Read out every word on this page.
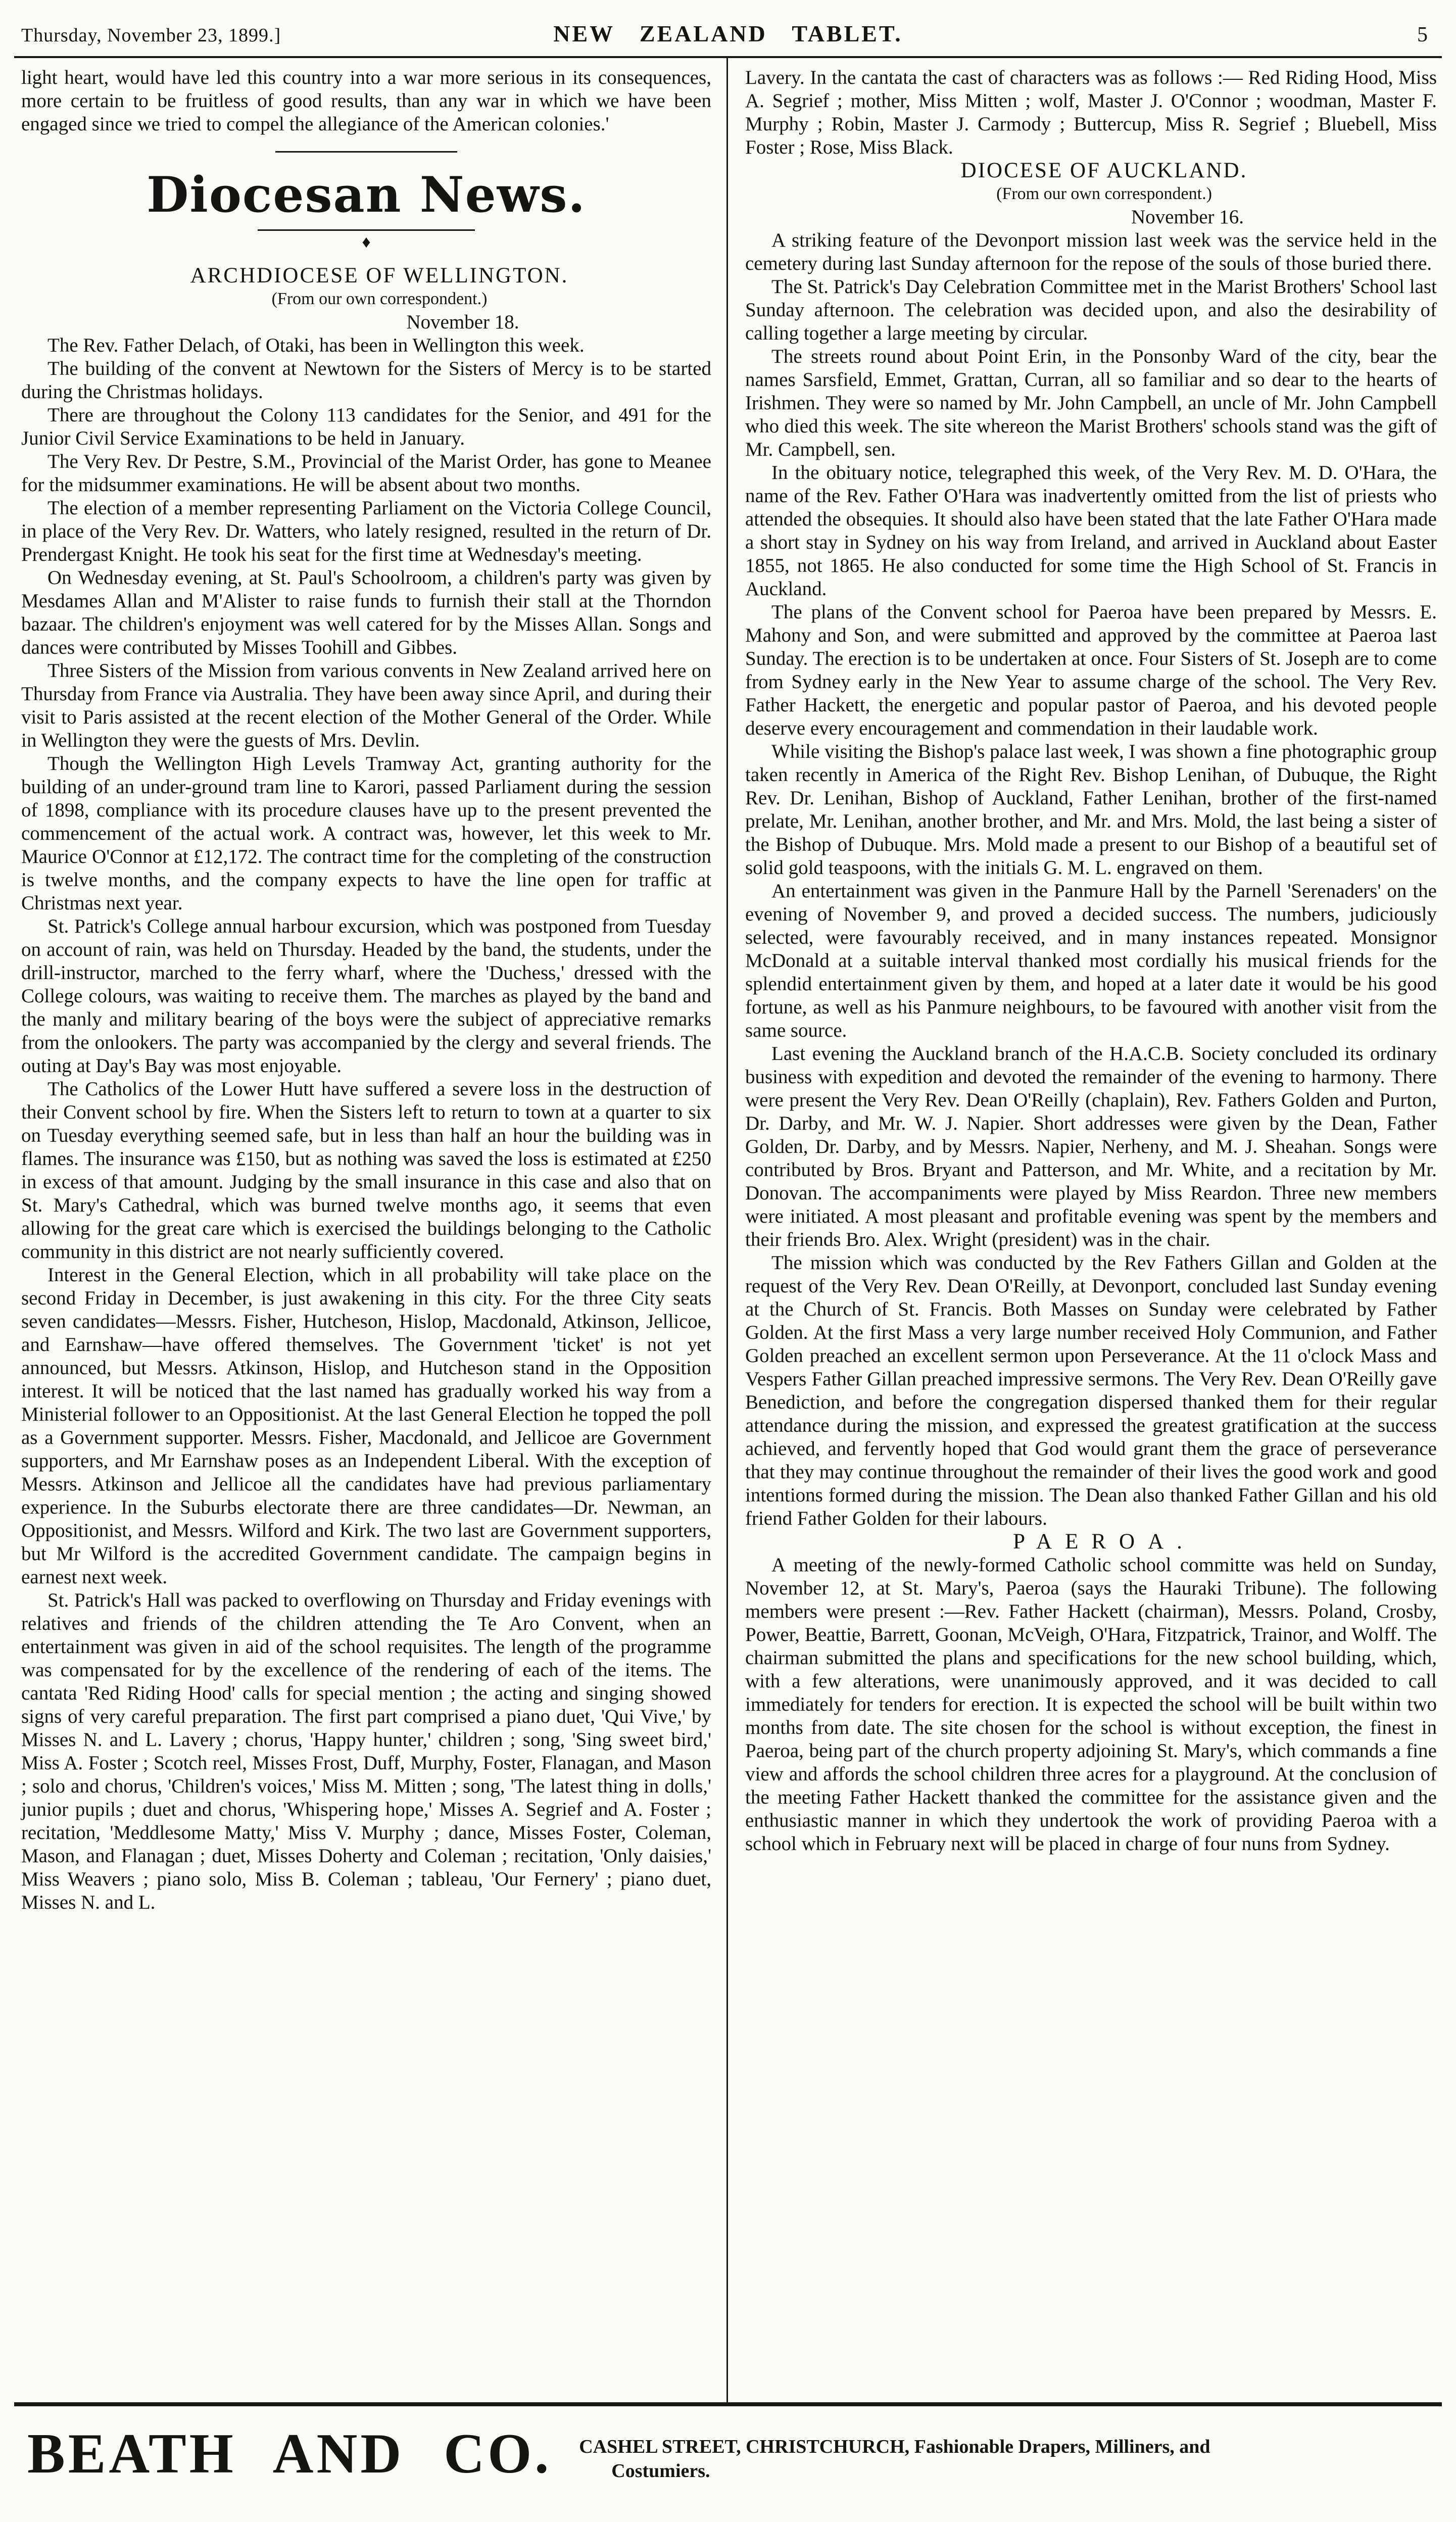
Thursday, November 23, 1899.]	NEW ZEALAND TABLET.	5

light heart, would have led this country into a war more serious in its consequences, more certain to be fruitless of good results, than any war in which we have been engaged since we tried to compel the allegiance of the American colonies.'

Diocesan News.
♦

ARCHDIOCESE OF WELLINGTON.

(From our own correspondent.)

November 18.

The Rev. Father Delach, of Otaki, has been in Wellington this week.

The building of the convent at Newtown for the Sisters of Mercy is to be started during the Christmas holidays.

There are throughout the Colony 113 candidates for the Senior, and 491 for the Junior Civil Service Examinations to be held in January.

The Very Rev. Dr Pestre, S.M., Provincial of the Marist Order, has gone to Meanee for the midsummer examinations. He will be absent about two months.

The election of a member representing Parliament on the Victoria College Council, in place of the Very Rev. Dr. Watters, who lately resigned, resulted in the return of Dr. Prendergast Knight. He took his seat for the first time at Wednesday's meeting.

On Wednesday evening, at St. Paul's Schoolroom, a children's party was given by Mesdames Allan and M'Alister to raise funds to furnish their stall at the Thorndon bazaar. The children's enjoyment was well catered for by the Misses Allan. Songs and dances were contributed by Misses Toohill and Gibbes.

Three Sisters of the Mission from various convents in New Zealand arrived here on Thursday from France via Australia. They have been away since April, and during their visit to Paris assisted at the recent election of the Mother General of the Order. While in Wellington they were the guests of Mrs. Devlin.

Though the Wellington High Levels Tramway Act, granting authority for the building of an under-ground tram line to Karori, passed Parliament during the session of 1898, compliance with its procedure clauses have up to the present prevented the commencement of the actual work. A contract was, however, let this week to Mr. Maurice O'Connor at £12,172. The contract time for the completing of the construction is twelve months, and the company expects to have the line open for traffic at Christmas next year.

St. Patrick's College annual harbour excursion, which was postponed from Tuesday on account of rain, was held on Thursday. Headed by the band, the students, under the drill-instructor, marched to the ferry wharf, where the 'Duchess,' dressed with the College colours, was waiting to receive them. The marches as played by the band and the manly and military bearing of the boys were the subject of appreciative remarks from the onlookers. The party was accompanied by the clergy and several friends. The outing at Day's Bay was most enjoyable.

The Catholics of the Lower Hutt have suffered a severe loss in the destruction of their Convent school by fire. When the Sisters left to return to town at a quarter to six on Tuesday everything seemed safe, but in less than half an hour the building was in flames. The insurance was £150, but as nothing was saved the loss is estimated at £250 in excess of that amount. Judging by the small insurance in this case and also that on St. Mary's Cathedral, which was burned twelve months ago, it seems that even allowing for the great care which is exercised the buildings belonging to the Catholic community in this district are not nearly sufficiently covered.

Interest in the General Election, which in all probability will take place on the second Friday in December, is just awakening in this city. For the three City seats seven candidates—Messrs. Fisher, Hutcheson, Hislop, Macdonald, Atkinson, Jellicoe, and Earnshaw—have offered themselves. The Government 'ticket' is not yet announced, but Messrs. Atkinson, Hislop, and Hutcheson stand in the Opposition interest. It will be noticed that the last named has gradually worked his way from a Ministerial follower to an Oppositionist. At the last General Election he topped the poll as a Government supporter. Messrs. Fisher, Macdonald, and Jellicoe are Government supporters, and Mr Earnshaw poses as an Independent Liberal. With the exception of Messrs. Atkinson and Jellicoe all the candidates have had previous parliamentary experience. In the Suburbs electorate there are three candidates—Dr. Newman, an Oppositionist, and Messrs. Wilford and Kirk. The two last are Government supporters, but Mr Wilford is the accredited Government candidate. The campaign begins in earnest next week.

St. Patrick's Hall was packed to overflowing on Thursday and Friday evenings with relatives and friends of the children attending the Te Aro Convent, when an entertainment was given in aid of the school requisites. The length of the programme was compensated for by the excellence of the rendering of each of the items. The cantata 'Red Riding Hood' calls for special mention ; the acting and singing showed signs of very careful preparation. The first part comprised a piano duet, 'Qui Vive,' by Misses N. and L. Lavery ; chorus, 'Happy hunter,' children ; song, 'Sing sweet bird,' Miss A. Foster ; Scotch reel, Misses Frost, Duff, Murphy, Foster, Flanagan, and Mason ; solo and chorus, 'Children's voices,' Miss M. Mitten ; song, 'The latest thing in dolls,' junior pupils ; duet and chorus, 'Whispering hope,' Misses A. Segrief and A. Foster ; recitation, 'Meddlesome Matty,' Miss V. Murphy ; dance, Misses Foster, Coleman, Mason, and Flanagan ; duet, Misses Doherty and Coleman ; recitation, 'Only daisies,' Miss Weavers ; piano solo, Miss B. Coleman ; tableau, 'Our Fernery' ; piano duet, Misses N. and L.

Lavery. In the cantata the cast of characters was as follows :— Red Riding Hood, Miss A. Segrief ; mother, Miss Mitten ; wolf, Master J. O'Connor ; woodman, Master F. Murphy ; Robin, Master J. Carmody ; Buttercup, Miss R. Segrief ; Bluebell, Miss Foster ; Rose, Miss Black.

DIOCESE OF AUCKLAND.

(From our own correspondent.)

November 16.

A striking feature of the Devonport mission last week was the service held in the cemetery during last Sunday afternoon for the repose of the souls of those buried there.

The St. Patrick's Day Celebration Committee met in the Marist Brothers' School last Sunday afternoon. The celebration was decided upon, and also the desirability of calling together a large meeting by circular.

The streets round about Point Erin, in the Ponsonby Ward of the city, bear the names Sarsfield, Emmet, Grattan, Curran, all so familiar and so dear to the hearts of Irishmen. They were so named by Mr. John Campbell, an uncle of Mr. John Campbell who died this week. The site whereon the Marist Brothers' schools stand was the gift of Mr. Campbell, sen.

In the obituary notice, telegraphed this week, of the Very Rev. M. D. O'Hara, the name of the Rev. Father O'Hara was inadvertently omitted from the list of priests who attended the obsequies. It should also have been stated that the late Father O'Hara made a short stay in Sydney on his way from Ireland, and arrived in Auckland about Easter 1855, not 1865. He also conducted for some time the High School of St. Francis in Auckland.

The plans of the Convent school for Paeroa have been prepared by Messrs. E. Mahony and Son, and were submitted and approved by the committee at Paeroa last Sunday. The erection is to be undertaken at once. Four Sisters of St. Joseph are to come from Sydney early in the New Year to assume charge of the school. The Very Rev. Father Hackett, the energetic and popular pastor of Paeroa, and his devoted people deserve every encouragement and commendation in their laudable work.

While visiting the Bishop's palace last week, I was shown a fine photographic group taken recently in America of the Right Rev. Bishop Lenihan, of Dubuque, the Right Rev. Dr. Lenihan, Bishop of Auckland, Father Lenihan, brother of the first-named prelate, Mr. Lenihan, another brother, and Mr. and Mrs. Mold, the last being a sister of the Bishop of Dubuque. Mrs. Mold made a present to our Bishop of a beautiful set of solid gold teaspoons, with the initials G. M. L. engraved on them.

An entertainment was given in the Panmure Hall by the Parnell 'Serenaders' on the evening of November 9, and proved a decided success. The numbers, judiciously selected, were favourably received, and in many instances repeated. Monsignor McDonald at a suitable interval thanked most cordially his musical friends for the splendid entertainment given by them, and hoped at a later date it would be his good fortune, as well as his Panmure neighbours, to be favoured with another visit from the same source.

Last evening the Auckland branch of the H.A.C.B. Society concluded its ordinary business with expedition and devoted the remainder of the evening to harmony. There were present the Very Rev. Dean O'Reilly (chaplain), Rev. Fathers Golden and Purton, Dr. Darby, and Mr. W. J. Napier. Short addresses were given by the Dean, Father Golden, Dr. Darby, and by Messrs. Napier, Nerheny, and M. J. Sheahan. Songs were contributed by Bros. Bryant and Patterson, and Mr. White, and a recitation by Mr. Donovan. The accompaniments were played by Miss Reardon. Three new members were initiated. A most pleasant and profitable evening was spent by the members and their friends Bro. Alex. Wright (president) was in the chair.

The mission which was conducted by the Rev Fathers Gillan and Golden at the request of the Very Rev. Dean O'Reilly, at Devonport, concluded last Sunday evening at the Church of St. Francis. Both Masses on Sunday were celebrated by Father Golden. At the first Mass a very large number received Holy Communion, and Father Golden preached an excellent sermon upon Perseverance. At the 11 o'clock Mass and Vespers Father Gillan preached impressive sermons. The Very Rev. Dean O'Reilly gave Benediction, and before the congregation dispersed thanked them for their regular attendance during the mission, and expressed the greatest gratification at the success achieved, and fervently hoped that God would grant them the grace of perseverance that they may continue throughout the remainder of their lives the good work and good intentions formed during the mission. The Dean also thanked Father Gillan and his old friend Father Golden for their labours.

PAEROA.

A meeting of the newly-formed Catholic school committe was held on Sunday, November 12, at St. Mary's, Paeroa (says the Hauraki Tribune). The following members were present :—Rev. Father Hackett (chairman), Messrs. Poland, Crosby, Power, Beattie, Barrett, Goonan, McVeigh, O'Hara, Fitzpatrick, Trainor, and Wolff. The chairman submitted the plans and specifications for the new school building, which, with a few alterations, were unanimously approved, and it was decided to call immediately for tenders for erection. It is expected the school will be built within two months from date. The site chosen for the school is without exception, the finest in Paeroa, being part of the church property adjoining St. Mary's, which commands a fine view and affords the school children three acres for a playground. At the conclusion of the meeting Father Hackett thanked the committee for the assistance given and the enthusiastic manner in which they undertook the work of providing Paeroa with a school which in February next will be placed in charge of four nuns from Sydney.

BEATH AND CO. CASHEL STREET, CHRISTCHURCH, Fashionable Drapers, Milliners, and
Costumiers.
